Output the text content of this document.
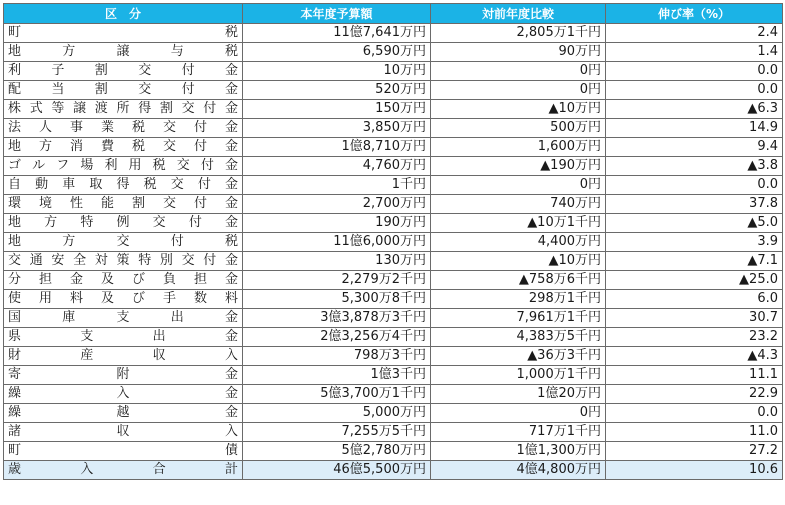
区　分	本年度予算額	対前年度比較	伸び率（%）
町税	11億7,641万円	2,805万1千円	2.4
地方譲与税	6,590万円	90万円	1.4
利子割交付金	10万円	0円	0.0
配当割交付金	520万円	0円	0.0
株式等譲渡所得割交付金	150万円	▲10万円	▲6.3
法人事業税交付金	3,850万円	500万円	14.9
地方消費税交付金	1億8,710万円	1,600万円	9.4
ゴルフ場利用税交付金	4,760万円	▲190万円	▲3.8
自動車取得税交付金	1千円	0円	0.0
環境性能割交付金	2,700万円	740万円	37.8
地方特例交付金	190万円	▲10万1千円	▲5.0
地方交付税	11億6,000万円	4,400万円	3.9
交通安全対策特別交付金	130万円	▲10万円	▲7.1
分担金及び負担金	2,279万2千円	▲758万6千円	▲25.0
使用料及び手数料	5,300万8千円	298万1千円	6.0
国庫支出金	3億3,878万3千円	7,961万1千円	30.7
県支出金	2億3,256万4千円	4,383万5千円	23.2
財産収入	798万3千円	▲36万3千円	▲4.3
寄附金	1億3千円	1,000万1千円	11.1
繰入金	5億3,700万1千円	1億20万円	22.9
繰越金	5,000万円	0円	0.0
諸収入	7,255万5千円	717万1千円	11.0
町債	5億2,780万円	1億1,300万円	27.2
歳入合計	46億5,500万円	4億4,800万円	10.6
